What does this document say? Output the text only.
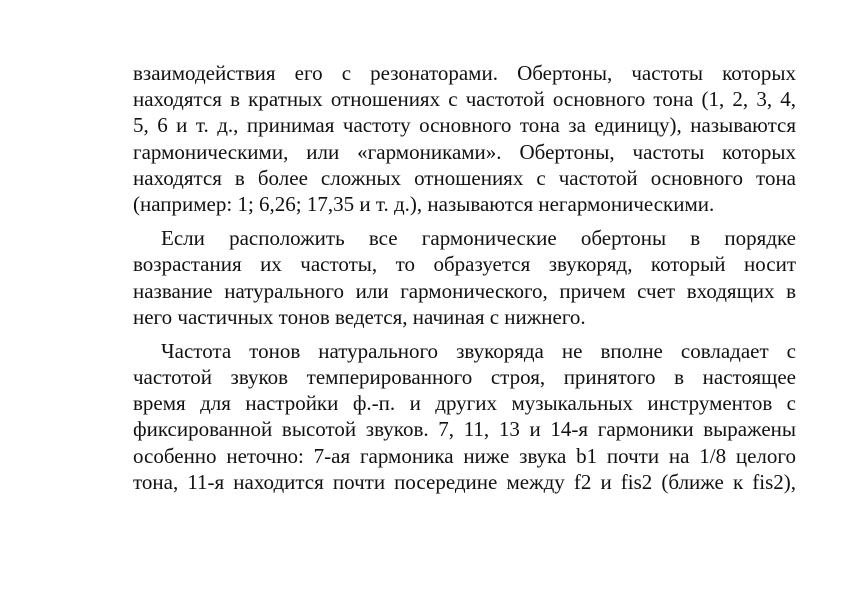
взаимодействия его с резонаторами. Обертоны, частоты которых
находятся в кратных отношениях с частотой основного тона (1, 2, 3, 4,
5, 6 и т. д., принимая частоту основного тона за единицу), называются
гармоническими, или «гармониками». Обертоны, частоты которых
находятся в более сложных отношениях с частотой основного тона
(например: 1; 6,26; 17,35 и т. д.), называются негармоническими.
Если расположить все гармонические обертоны в порядке
возрастания их частоты, то образуется звукоряд, который носит
название натурального или гармонического, причем счет входящих в
него частичных тонов ведется, начиная с нижнего.
Частота тонов натурального звукоряда не вполне совладает с
частотой звуков темперированного строя, принятого в настоящее
время для настройки ф.-п. и других музыкальных инструментов с
фиксированной высотой звуков. 7, 11, 13 и 14-я гармоники выражены
особенно неточно: 7-ая гармоника ниже звука b1 почти на 1/8 целого
тона, 11-я находится почти посередине между f2 и fis2 (ближе к fis2),
